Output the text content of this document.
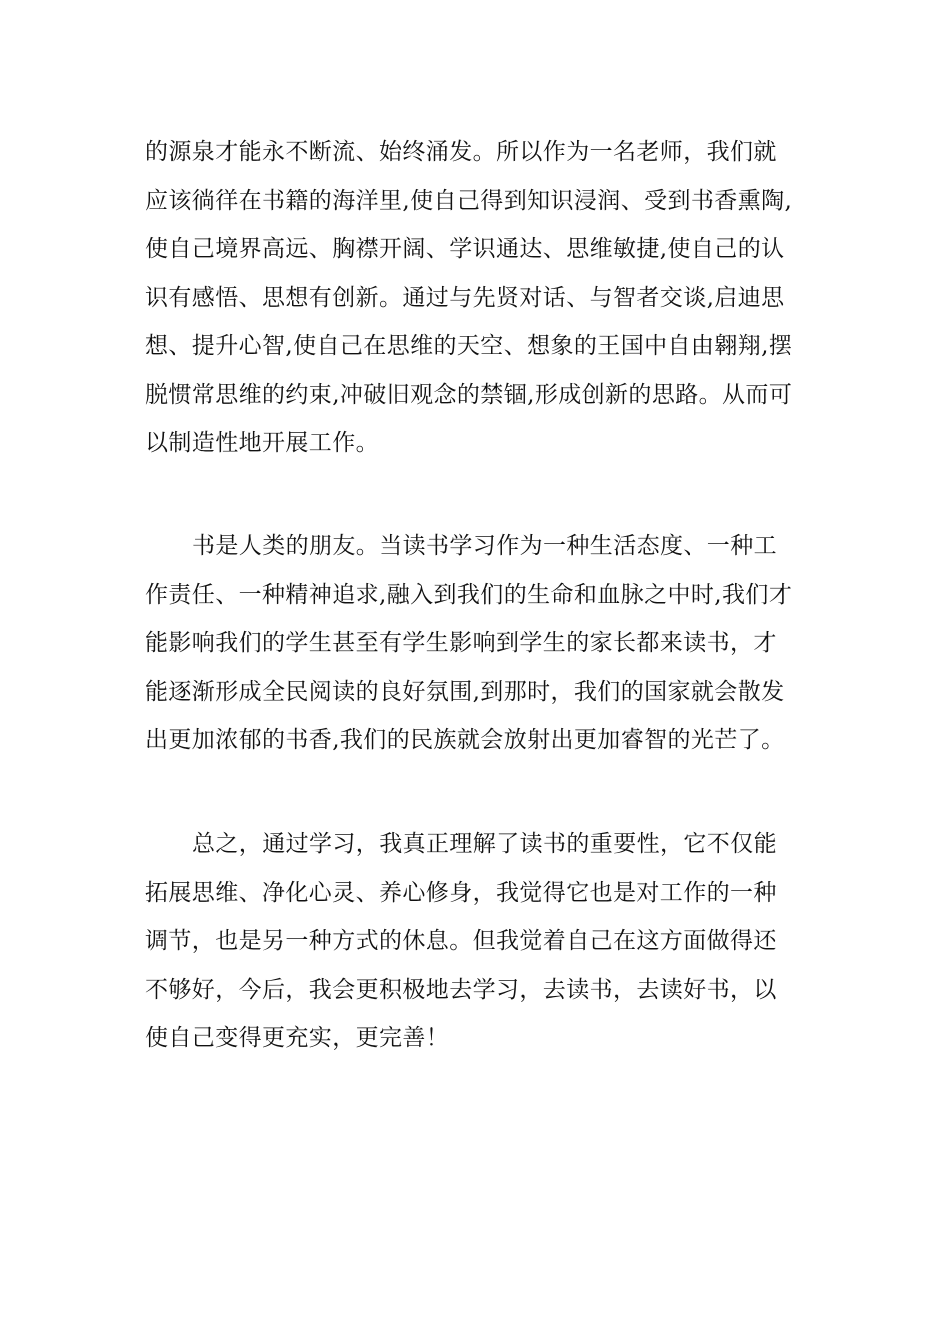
的源泉才能永不断流、始终涌发。所以作为一名老师，我们就
应该徜徉在书籍的海洋里,使自己得到知识浸润、受到书香熏陶,
使自己境界高远、胸襟开阔、学识通达、思维敏捷,使自己的认
识有感悟、思想有创新。通过与先贤对话、与智者交谈,启迪思
想、提升心智,使自己在思维的天空、想象的王国中自由翱翔,摆
脱惯常思维的约束,冲破旧观念的禁锢,形成创新的思路。从而可
以制造性地开展工作。
书是人类的朋友。当读书学习作为一种生活态度、一种工
作责任、一种精神追求,融入到我们的生命和血脉之中时,我们才
能影响我们的学生甚至有学生影响到学生的家长都来读书，才
能逐渐形成全民阅读的良好氛围,到那时，我们的国家就会散发
出更加浓郁的书香,我们的民族就会放射出更加睿智的光芒了。
总之，通过学习，我真正理解了读书的重要性，它不仅能
拓展思维、净化心灵、养心修身，我觉得它也是对工作的一种
调节，也是另一种方式的休息。但我觉着自己在这方面做得还
不够好，今后，我会更积极地去学习，去读书，去读好书，以
使自己变得更充实，更完善！
